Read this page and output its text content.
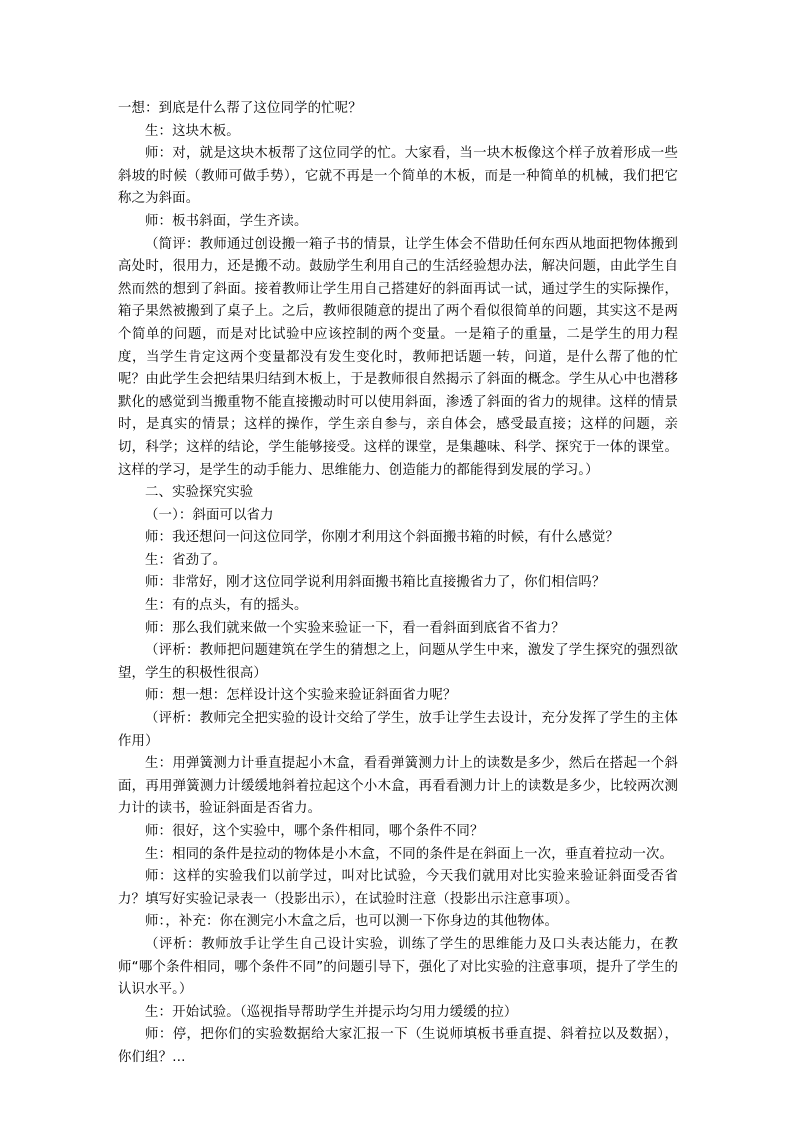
一想：到底是什么帮了这位同学的忙呢？

生：这块木板。

师：对，就是这块木板帮了这位同学的忙。大家看，当一块木板像这个样子放着形成一些斜坡的时候（教师可做手势），它就不再是一个简单的木板，而是一种简单的机械，我们把它称之为斜面。

师：板书斜面，学生齐读。

（简评：教师通过创设搬一箱子书的情景，让学生体会不借助任何东西从地面把物体搬到高处时，很用力，还是搬不动。鼓励学生利用自己的生活经验想办法，解决问题，由此学生自然而然的想到了斜面。接着教师让学生用自己搭建好的斜面再试一试，通过学生的实际操作，箱子果然被搬到了桌子上。之后，教师很随意的提出了两个看似很简单的问题，其实这不是两个简单的问题，而是对比试验中应该控制的两个变量。一是箱子的重量，二是学生的用力程度，当学生肯定这两个变量都没有发生变化时，教师把话题一转，问道，是什么帮了他的忙呢？由此学生会把结果归结到木板上，于是教师很自然揭示了斜面的概念。学生从心中也潜移默化的感觉到当搬重物不能直接搬动时可以使用斜面，渗透了斜面的省力的规律。这样的情景时，是真实的情景；这样的操作，学生亲自参与，亲自体会，感受最直接；这样的问题，亲切，科学；这样的结论，学生能够接受。这样的课堂，是集趣味、科学、探究于一体的课堂。这样的学习，是学生的动手能力、思维能力、创造能力的都能得到发展的学习。）

二、实验探究实验

（一）：斜面可以省力

师：我还想问一问这位同学，你刚才利用这个斜面搬书箱的时候，有什么感觉？

生：省劲了。

师：非常好，刚才这位同学说利用斜面搬书箱比直接搬省力了，你们相信吗？

生：有的点头，有的摇头。

师：那么我们就来做一个实验来验证一下，看一看斜面到底省不省力？

（评析：教师把问题建筑在学生的猜想之上，问题从学生中来，激发了学生探究的强烈欲望，学生的积极性很高）

师：想一想：怎样设计这个实验来验证斜面省力呢？

（评析：教师完全把实验的设计交给了学生，放手让学生去设计，充分发挥了学生的主体作用）

生：用弹簧测力计垂直提起小木盒，看看弹簧测力计上的读数是多少，然后在搭起一个斜面，再用弹簧测力计缓缓地斜着拉起这个小木盒，再看看测力计上的读数是多少，比较两次测力计的读书，验证斜面是否省力。

师：很好，这个实验中，哪个条件相同，哪个条件不同？

生：相同的条件是拉动的物体是小木盒，不同的条件是在斜面上一次，垂直着拉动一次。

师：这样的实验我们以前学过，叫对比试验，今天我们就用对比实验来验证斜面受否省力？填写好实验记录表一（投影出示），在试验时注意（投影出示注意事项）。

师：，补充：你在测完小木盒之后，也可以测一下你身边的其他物体。

（评析：教师放手让学生自己设计实验，训练了学生的思维能力及口头表达能力，在教师“哪个条件相同，哪个条件不同”的问题引导下，强化了对比实验的注意事项，提升了学生的认识水平。）

生：开始试验。（巡视指导帮助学生并提示均匀用力缓缓的拉）

师：停，把你们的实验数据给大家汇报一下（生说师填板书垂直提、斜着拉以及数据），你们组？…
